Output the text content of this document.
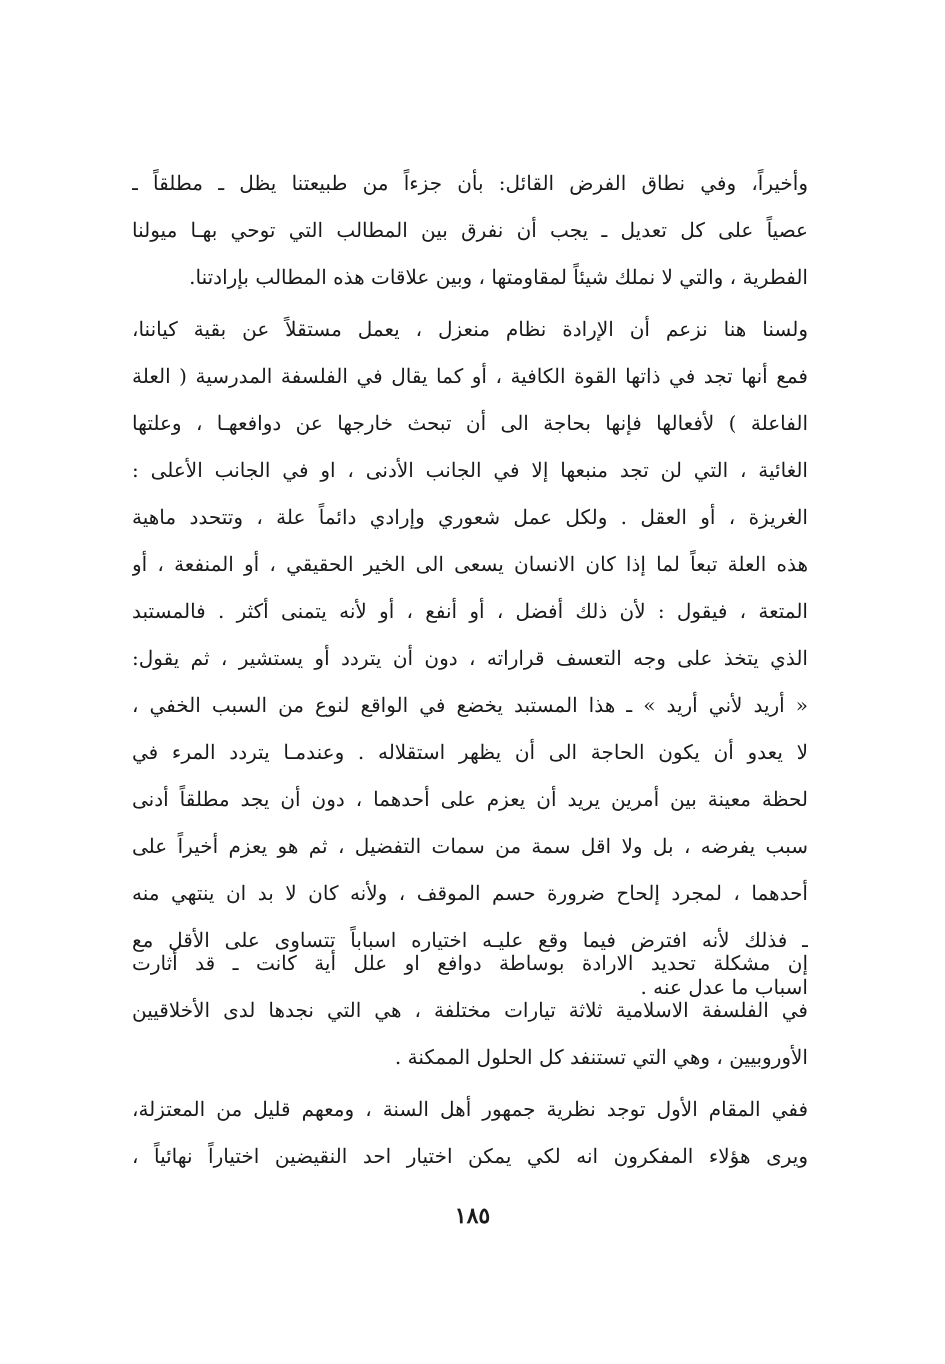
وأخيراً، وفي نطاق الفرض القائل: بأن جزءاً من طبيعتنا يظل ـ مطلقاً ـ
عصياً على كل تعديل ـ يجب أن نفرق بين المطالب التي توحي بهـا ميولنا
الفطرية ، والتي لا نملك شيئاً لمقاومتها ، وبين علاقات هذه المطالب بإرادتنا.
ولسنا هنا نزعم أن الإرادة نظام منعزل ، يعمل مستقلاً عن بقية كياننا،
فمع أنها تجد في ذاتها القوة الكافية ، أو كما يقال في الفلسفة المدرسية ( العلة
الفاعلة ) لأفعالها فإنها بحاجة الى أن تبحث خارجها عن دوافعهـا ، وعلتها
الغائية ، التي لن تجد منبعها إلا في الجانب الأدنى ، او في الجانب الأعلى :
الغريزة ، أو العقل . ولكل عمل شعوري وإرادي دائماً علة ، وتتحدد ماهية
هذه العلة تبعاً لما إذا كان الانسان يسعى الى الخير الحقيقي ، أو المنفعة ، أو
المتعة ، فيقول : لأن ذلك أفضل ، أو أنفع ، أو لأنه يتمنى أكثر . فالمستبد
الذي يتخذ على وجه التعسف قراراته ، دون أن يتردد أو يستشير ، ثم يقول:
« أريد لأني أريد » ـ هذا المستبد يخضع في الواقع لنوع من السبب الخفي ،
لا يعدو أن يكون الحاجة الى أن يظهر استقلاله . وعندمـا يتردد المرء في
لحظة معينة بين أمرين يريد أن يعزم على أحدهما ، دون أن يجد مطلقاً أدنى
سبب يفرضه ، بل ولا اقل سمة من سمات التفضيل ، ثم هو يعزم أخيراً على
أحدهما ، لمجرد إلحاح ضرورة حسم الموقف ، ولأنه كان لا بد ان ينتهي منه
ـ فذلك لأنه افترض فيما وقع عليـه اختياره اسباباً تتساوى على الأقل مع
اسباب ما عدل عنه .
إن مشكلة تحديد الارادة بوساطة دوافع او علل أية كانت ـ قد أثارت
في الفلسفة الاسلامية ثلاثة تيارات مختلفة ، هي التي نجدها لدى الأخلاقيين
الأوروبيين ، وهي التي تستنفد كل الحلول الممكنة .
ففي المقام الأول توجد نظرية جمهور أهل السنة ، ومعهم قليل من المعتزلة،
ويرى هؤلاء المفكرون انه لكي يمكن اختيار احد النقيضين اختياراً نهائياً ،
١٨٥
